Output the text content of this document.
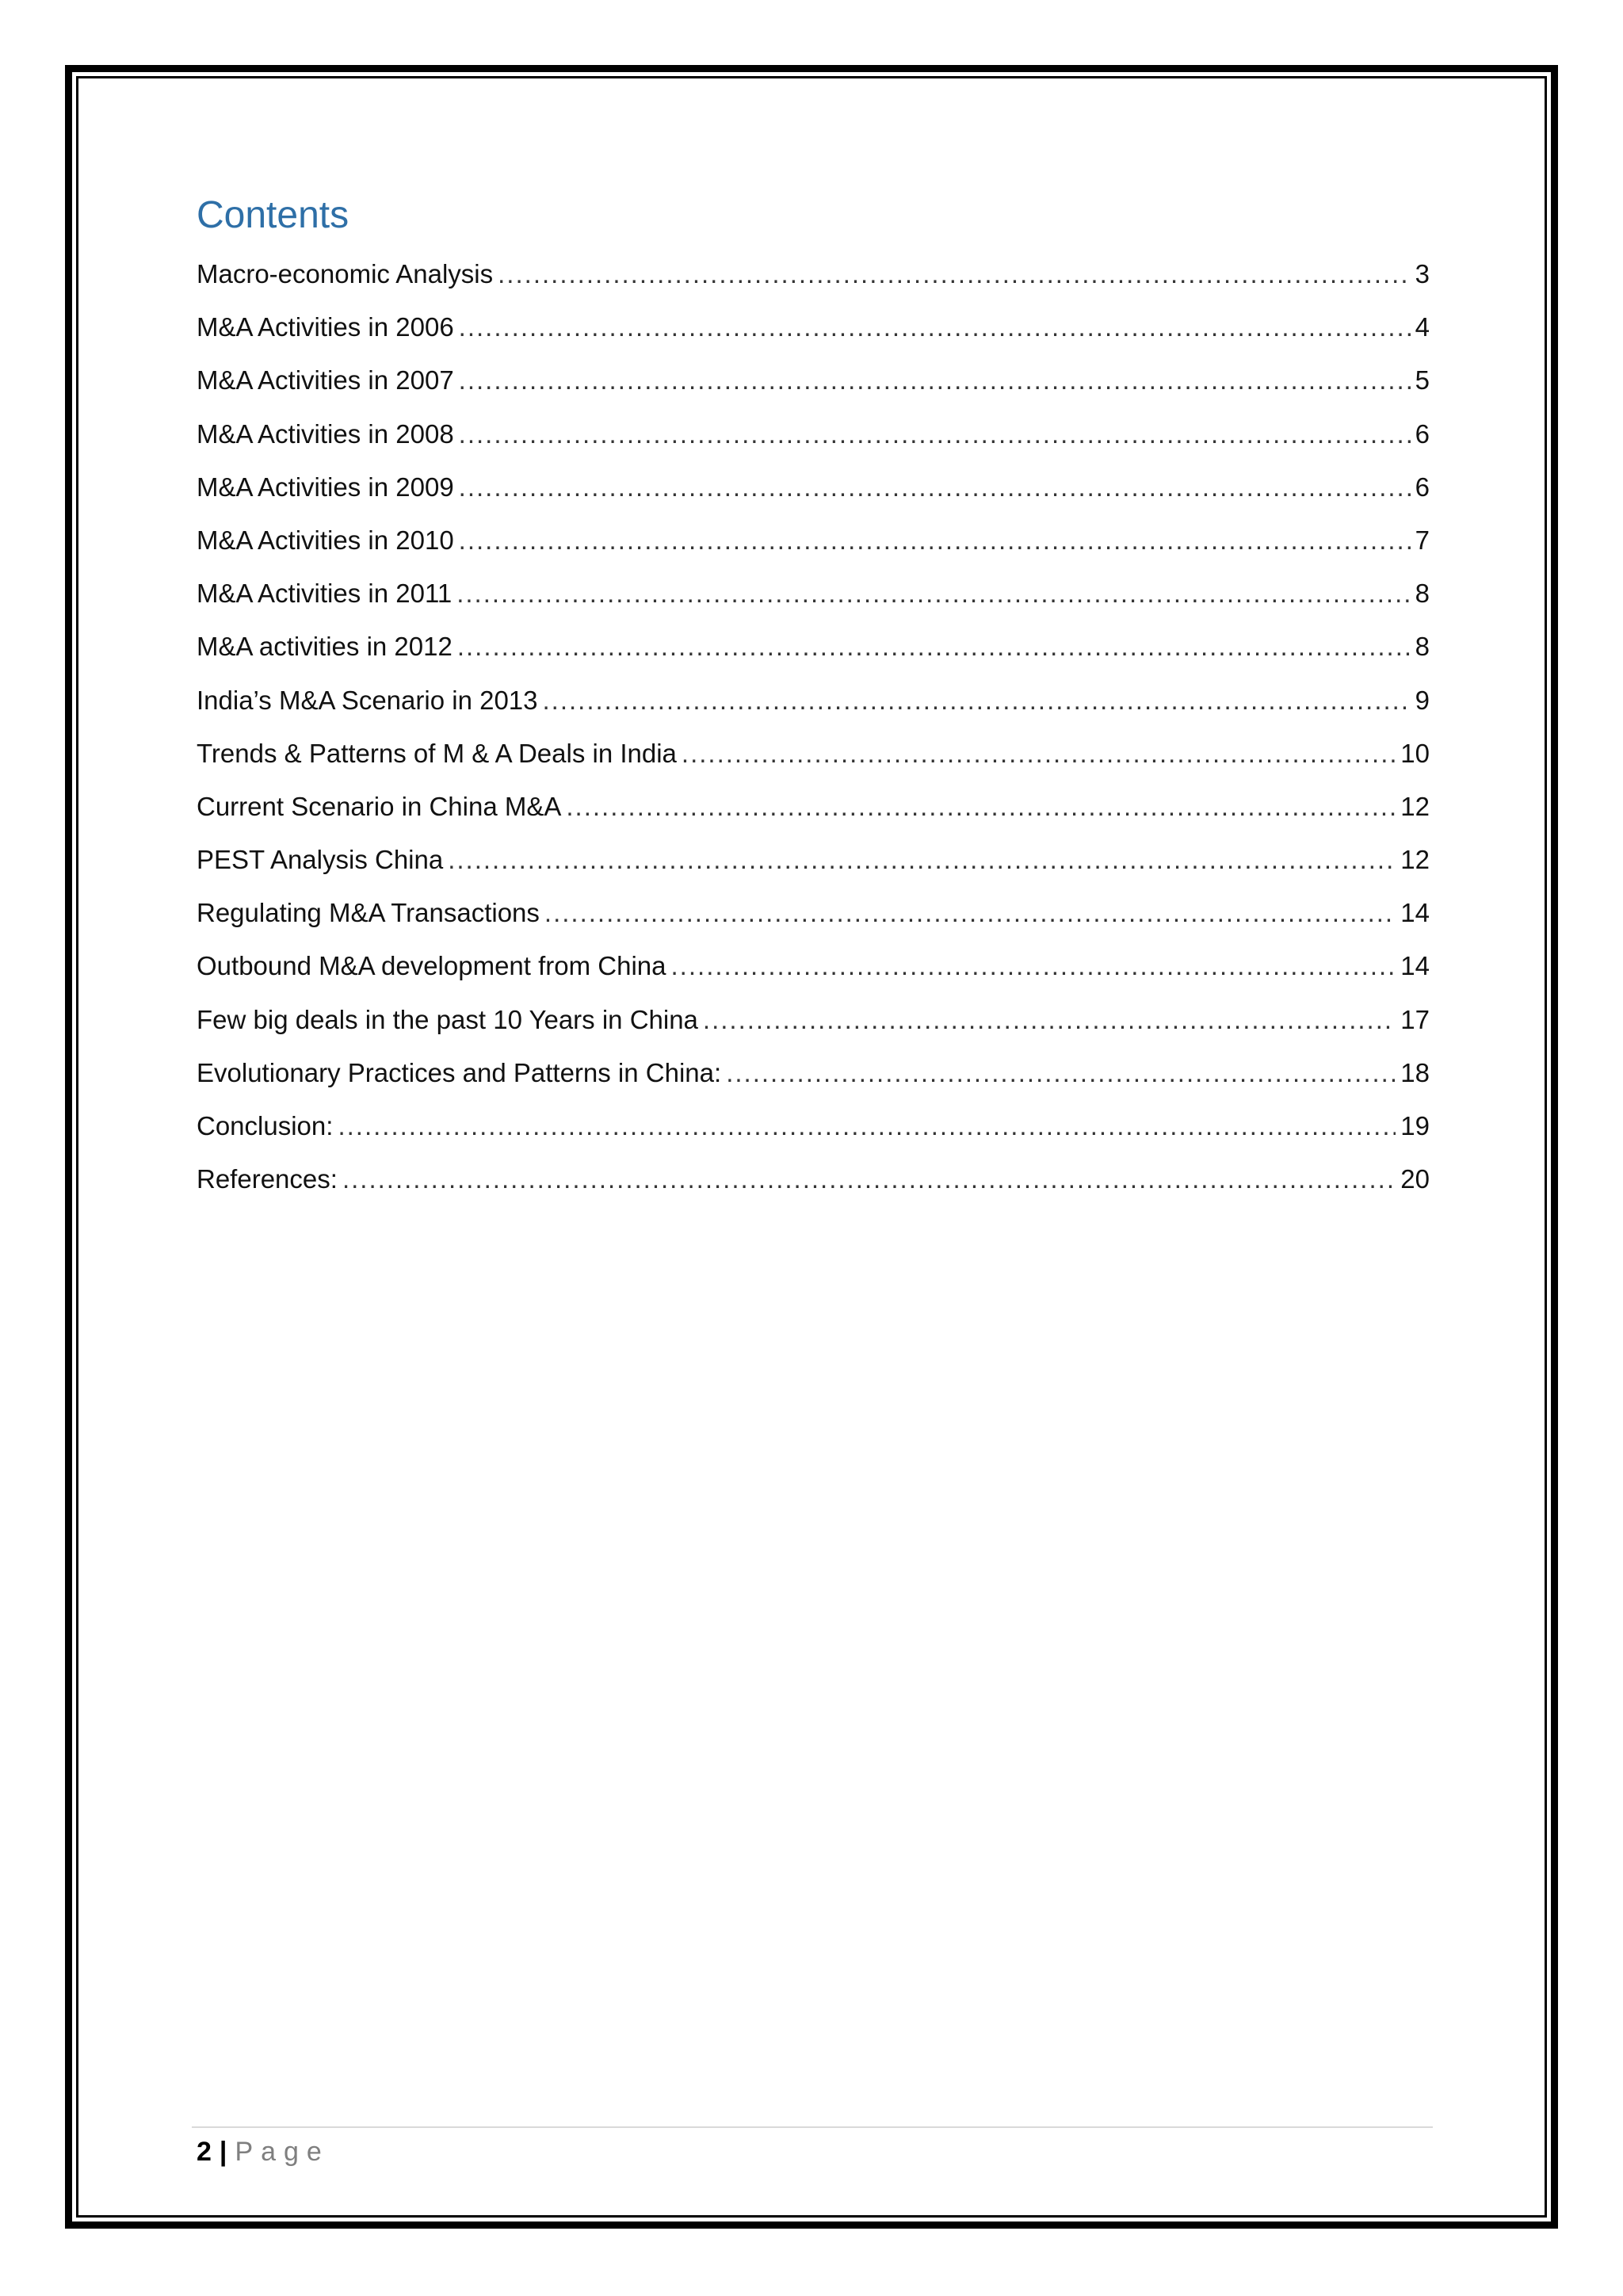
Contents
Macro-economic Analysis .....	3
M&A Activities in 2006 .....	4
M&A Activities in 2007 .....	5
M&A Activities in 2008 .....	6
M&A Activities in 2009 .....	6
M&A Activities in 2010 .....	7
M&A Activities in 2011 .....	8
M&A activities in 2012 .....	8
India’s M&A Scenario in 2013 .....	9
Trends & Patterns of M & A Deals in India .....	10
Current Scenario in China M&A .....	12
PEST Analysis China .....	12
Regulating M&A Transactions .....	14
Outbound M&A development from China .....	14
Few big deals in the past 10 Years in China .....	17
Evolutionary Practices and Patterns in China: .....	18
Conclusion: .....	19
References: .....	20
2 | Page
